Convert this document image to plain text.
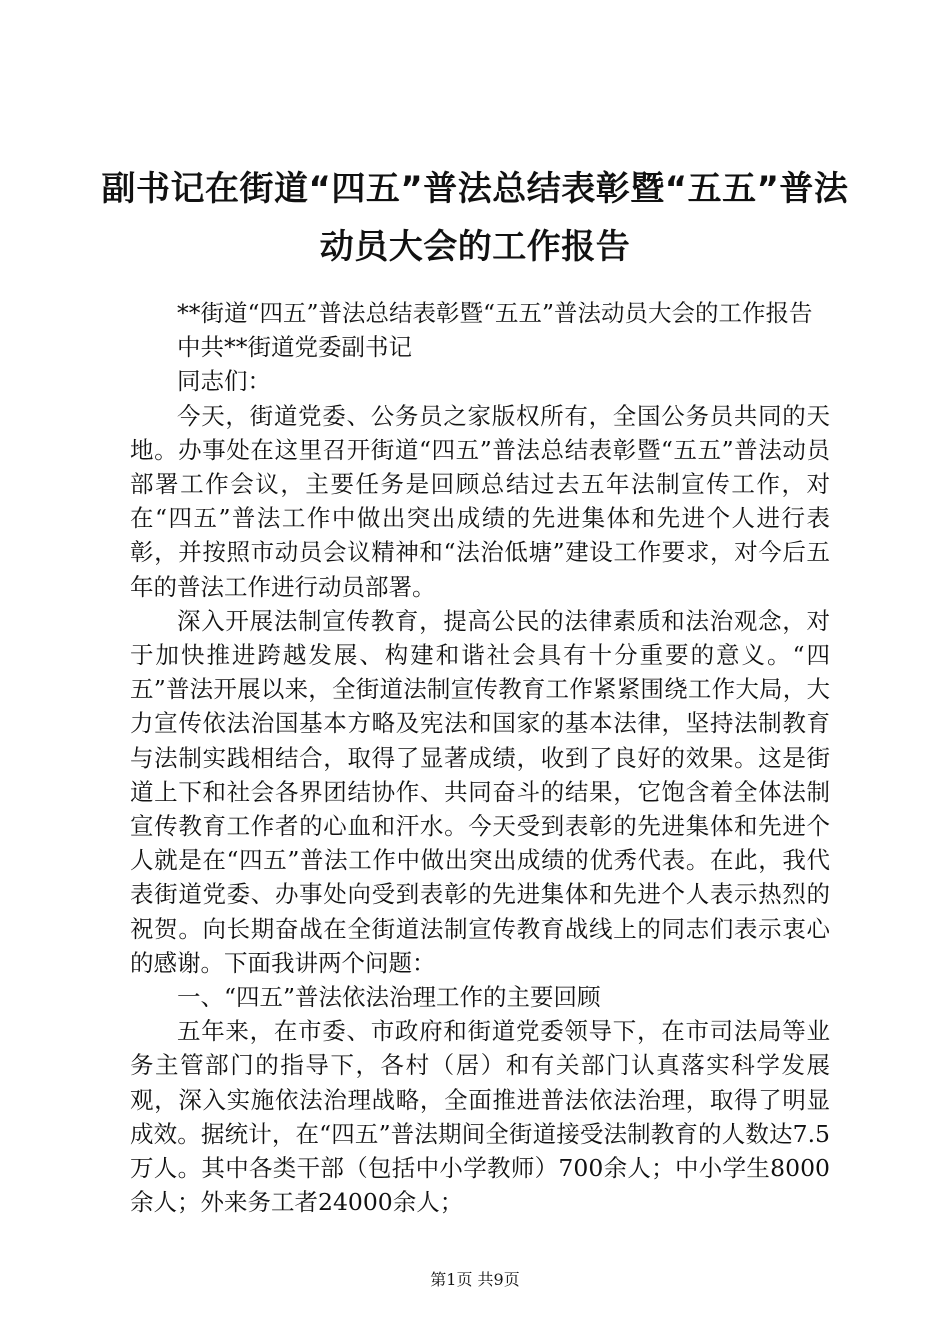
副书记在街道“四五”普法总结表彰暨“五五”普法动员大会的工作报告

**街道“四五”普法总结表彰暨“五五”普法动员大会的工作报告

中共**街道党委副书记

同志们：

今天，街道党委、公务员之家版权所有，全国公务员共同的天地。办事处在这里召开街道“四五”普法总结表彰暨“五五”普法动员部署工作会议，主要任务是回顾总结过去五年法制宣传工作，对在“四五”普法工作中做出突出成绩的先进集体和先进个人进行表彰，并按照市动员会议精神和“法治低塘”建设工作要求，对今后五年的普法工作进行动员部署。

深入开展法制宣传教育，提高公民的法律素质和法治观念，对于加快推进跨越发展、构建和谐社会具有十分重要的意义。“四五”普法开展以来，全街道法制宣传教育工作紧紧围绕工作大局，大力宣传依法治国基本方略及宪法和国家的基本法律，坚持法制教育与法制实践相结合，取得了显著成绩，收到了良好的效果。这是街道上下和社会各界团结协作、共同奋斗的结果，它饱含着全体法制宣传教育工作者的心血和汗水。今天受到表彰的先进集体和先进个人就是在“四五”普法工作中做出突出成绩的优秀代表。在此，我代表街道党委、办事处向受到表彰的先进集体和先进个人表示热烈的祝贺。向长期奋战在全街道法制宣传教育战线上的同志们表示衷心的感谢。下面我讲两个问题：

一、“四五”普法依法治理工作的主要回顾

五年来，在市委、市政府和街道党委领导下，在市司法局等业务主管部门的指导下，各村（居）和有关部门认真落实科学发展观，深入实施依法治理战略，全面推进普法依法治理，取得了明显成效。据统计，在“四五”普法期间全街道接受法制教育的人数达7.5万人。其中各类干部（包括中小学教师）700余人；中小学生8000余人；外来务工者24000余人；

第1页 共9页
